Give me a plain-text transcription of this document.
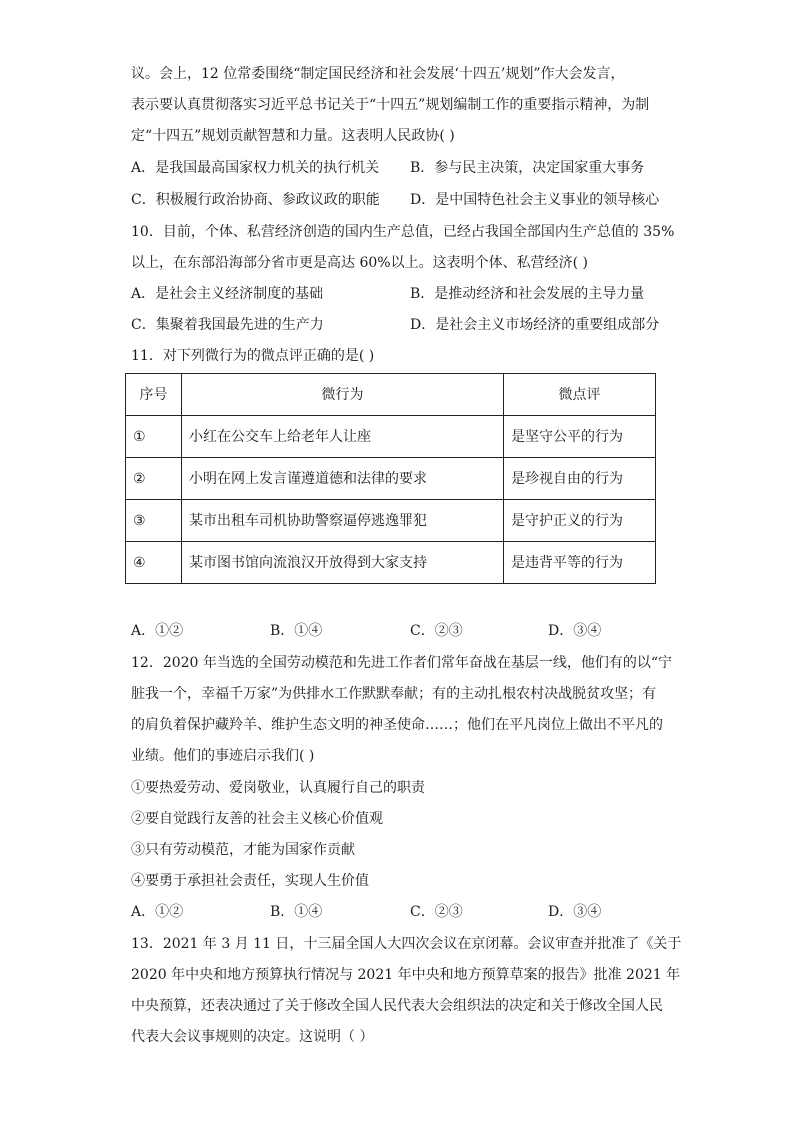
议。会上，12 位常委围绕“制定国民经济和社会发展‘十四五’规划”作大会发言，
表示要认真贯彻落实习近平总书记关于“十四五”规划编制工作的重要指示精神，为制
定“十四五”规划贡献智慧和力量。这表明人民政协( )
A．是我国最高国家权力机关的执行机关 B．参与民主决策，决定国家重大事务
C．积极履行政治协商、参政议政的职能 D．是中国特色社会主义事业的领导核心
10．目前，个体、私营经济创造的国内生产总值，已经占我国全部国内生产总值的 35%
以上，在东部沿海部分省市更是高达 60%以上。这表明个体、私营经济( )
A．是社会主义经济制度的基础	B．是推动经济和社会发展的主导力量
C．集聚着我国最先进的生产力	D．是社会主义市场经济的重要组成部分
11．对下列微行为的微点评正确的是( )
序号	微行为	微点评
①	小红在公交车上给老年人让座	是坚守公平的行为
②	小明在网上发言谨遵道德和法律的要求	是珍视自由的行为
③	某市出租车司机协助警察逼停逃逸罪犯	是守护正义的行为
④	某市图书馆向流浪汉开放得到大家支持	是违背平等的行为
A．①②	B．①④	C．②③	D．③④
12．2020 年当选的全国劳动模范和先进工作者们常年奋战在基层一线，他们有的以“宁
脏我一个，幸福千万家”为供排水工作默默奉献；有的主动扎根农村决战脱贫攻坚；有
的肩负着保护藏羚羊、维护生态文明的神圣使命……；他们在平凡岗位上做出不平凡的
业绩。他们的事迹启示我们( )
①要热爱劳动、爱岗敬业，认真履行自己的职责
②要自觉践行友善的社会主义核心价值观
③只有劳动模范，才能为国家作贡献
④要勇于承担社会责任，实现人生价值
A．①②	B．①④	C．②③	D．③④
13．2021 年 3 月 11 日，十三届全国人大四次会议在京闭幕。会议审查并批准了《关于
2020 年中央和地方预算执行情况与 2021 年中央和地方预算草案的报告》批准 2021 年
中央预算，还表决通过了关于修改全国人民代表大会组织法的决定和关于修改全国人民
代表大会议事规则的决定。这说明（ ）
